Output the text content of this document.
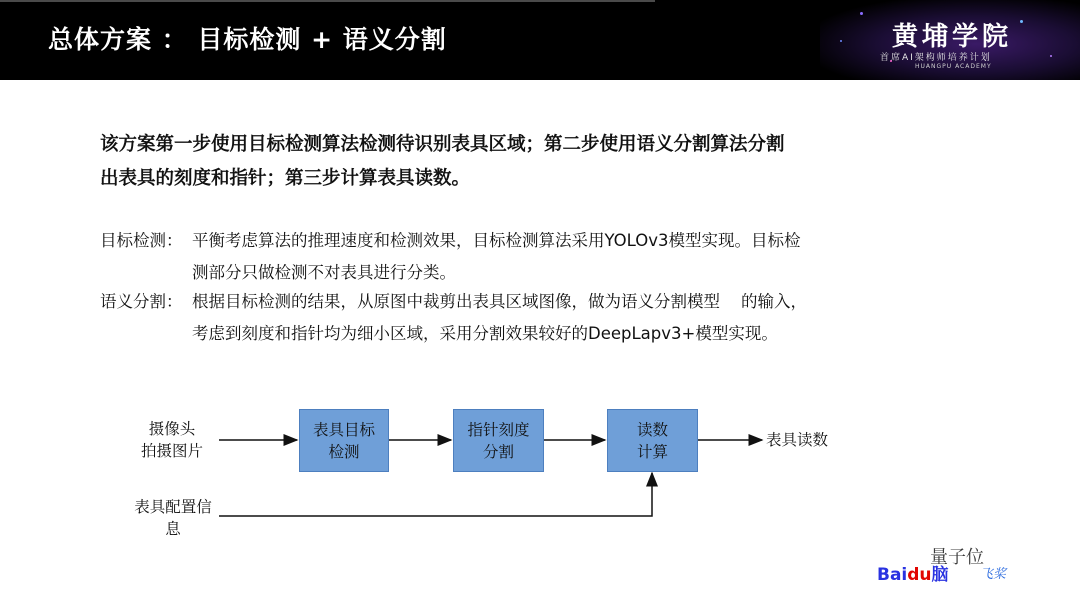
总体方案 ： 目标检测 + 语义分割	黄埔学院
首席AI架构师培养计划
HUANGPU ACADEMY
该方案第一步使用目标检测算法检测待识别表具区域；第二步使用语义分割算法分割
出表具的刻度和指针；第三步计算表具读数。
目标检测： 平衡考虑算法的推理速度和检测效果，目标检测算法采用YOLOv3模型实现。目标检
测部分只做检测不对表具进行分类。
语义分割： 根据目标检测的结果，从原图中裁剪出表具区域图像，做为语义分割模型    的输入，
考虑到刻度和指针均为细小区域，采用分割效果较好的DeepLapv3+模型实现。
摄像头
拍摄图片
表具目标
检测
指针刻度
分割
读数
计算
表具读数
表具配置信
息
量子位
Baidu脑 飞桨
